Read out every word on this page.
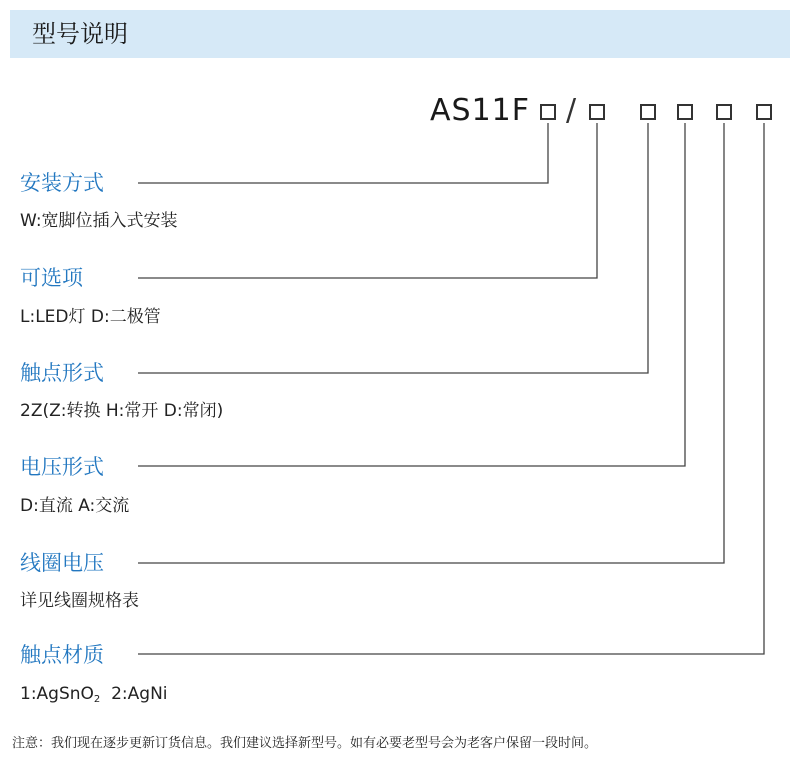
型号说明
AS11F /
安装方式
W:宽脚位插入式安装
可选项
L:LED灯 D:二极管
触点形式
2Z(Z:转换 H:常开 D:常闭)
电压形式
D:直流 A:交流
线圈电压
详见线圈规格表
触点材质
1:AgSnO$_2$  2:AgNi
注意：我们现在逐步更新订货信息。我们建议选择新型号。如有必要老型号会为老客户保留一段时间。
